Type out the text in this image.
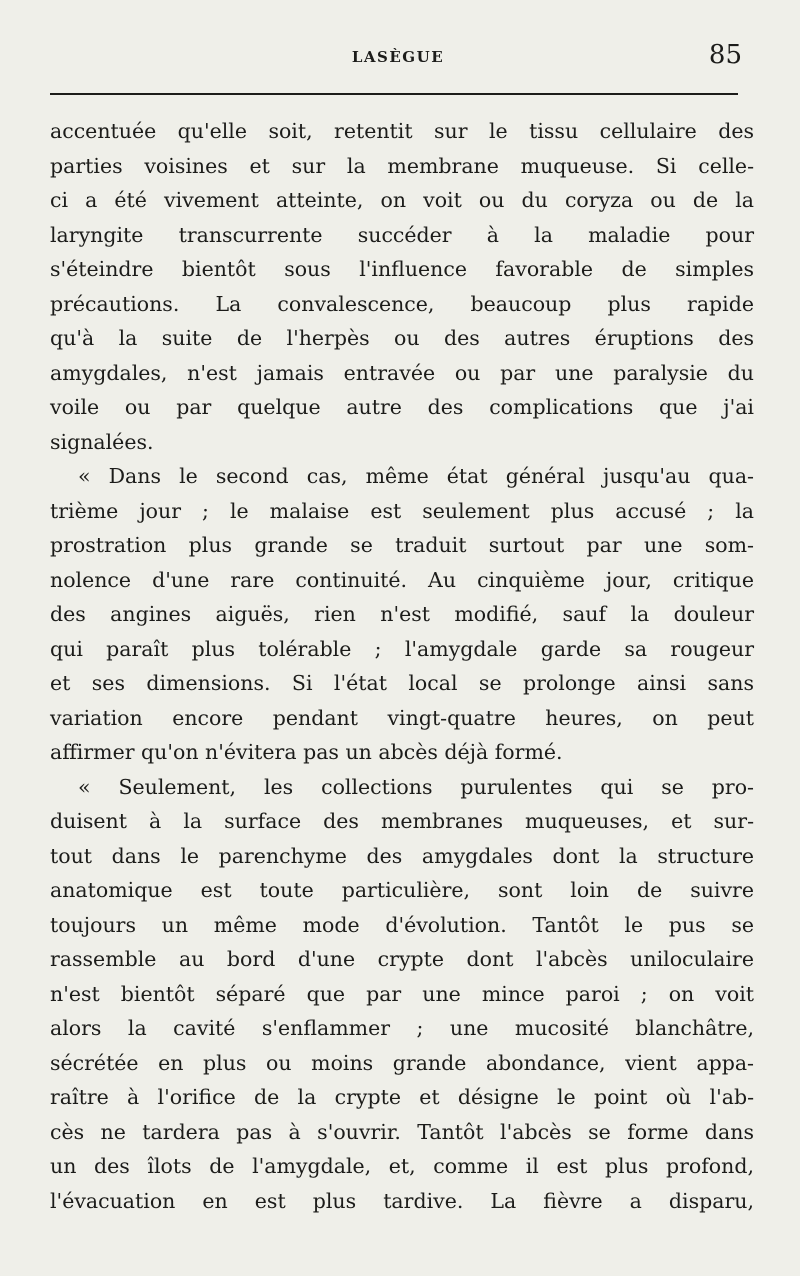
LASÈGUE	85
accentuée qu'elle soit, retentit sur le tissu cellulaire des
parties voisines et sur la membrane muqueuse. Si celle-
ci a été vivement atteinte, on voit ou du coryza ou de la
laryngite transcurrente succéder à la maladie pour
s'éteindre bientôt sous l'influence favorable de simples
précautions. La convalescence, beaucoup plus rapide
qu'à la suite de l'herpès ou des autres éruptions des
amygdales, n'est jamais entravée ou par une paralysie du
voile ou par quelque autre des complications que j'ai
signalées.
« Dans le second cas, même état général jusqu'au qua-
trième jour ; le malaise est seulement plus accusé ; la
prostration plus grande se traduit surtout par une som-
nolence d'une rare continuité. Au cinquième jour, critique
des angines aiguës, rien n'est modifié, sauf la douleur
qui paraît plus tolérable ; l'amygdale garde sa rougeur
et ses dimensions. Si l'état local se prolonge ainsi sans
variation encore pendant vingt-quatre heures, on peut
affirmer qu'on n'évitera pas un abcès déjà formé.
« Seulement, les collections purulentes qui se pro-
duisent à la surface des membranes muqueuses, et sur-
tout dans le parenchyme des amygdales dont la structure
anatomique est toute particulière, sont loin de suivre
toujours un même mode d'évolution. Tantôt le pus se
rassemble au bord d'une crypte dont l'abcès uniloculaire
n'est bientôt séparé que par une mince paroi ; on voit
alors la cavité s'enflammer ; une mucosité blanchâtre,
sécrétée en plus ou moins grande abondance, vient appa-
raître à l'orifice de la crypte et désigne le point où l'ab-
cès ne tardera pas à s'ouvrir. Tantôt l'abcès se forme dans
un des îlots de l'amygdale, et, comme il est plus profond,
l'évacuation en est plus tardive. La fièvre a disparu,
